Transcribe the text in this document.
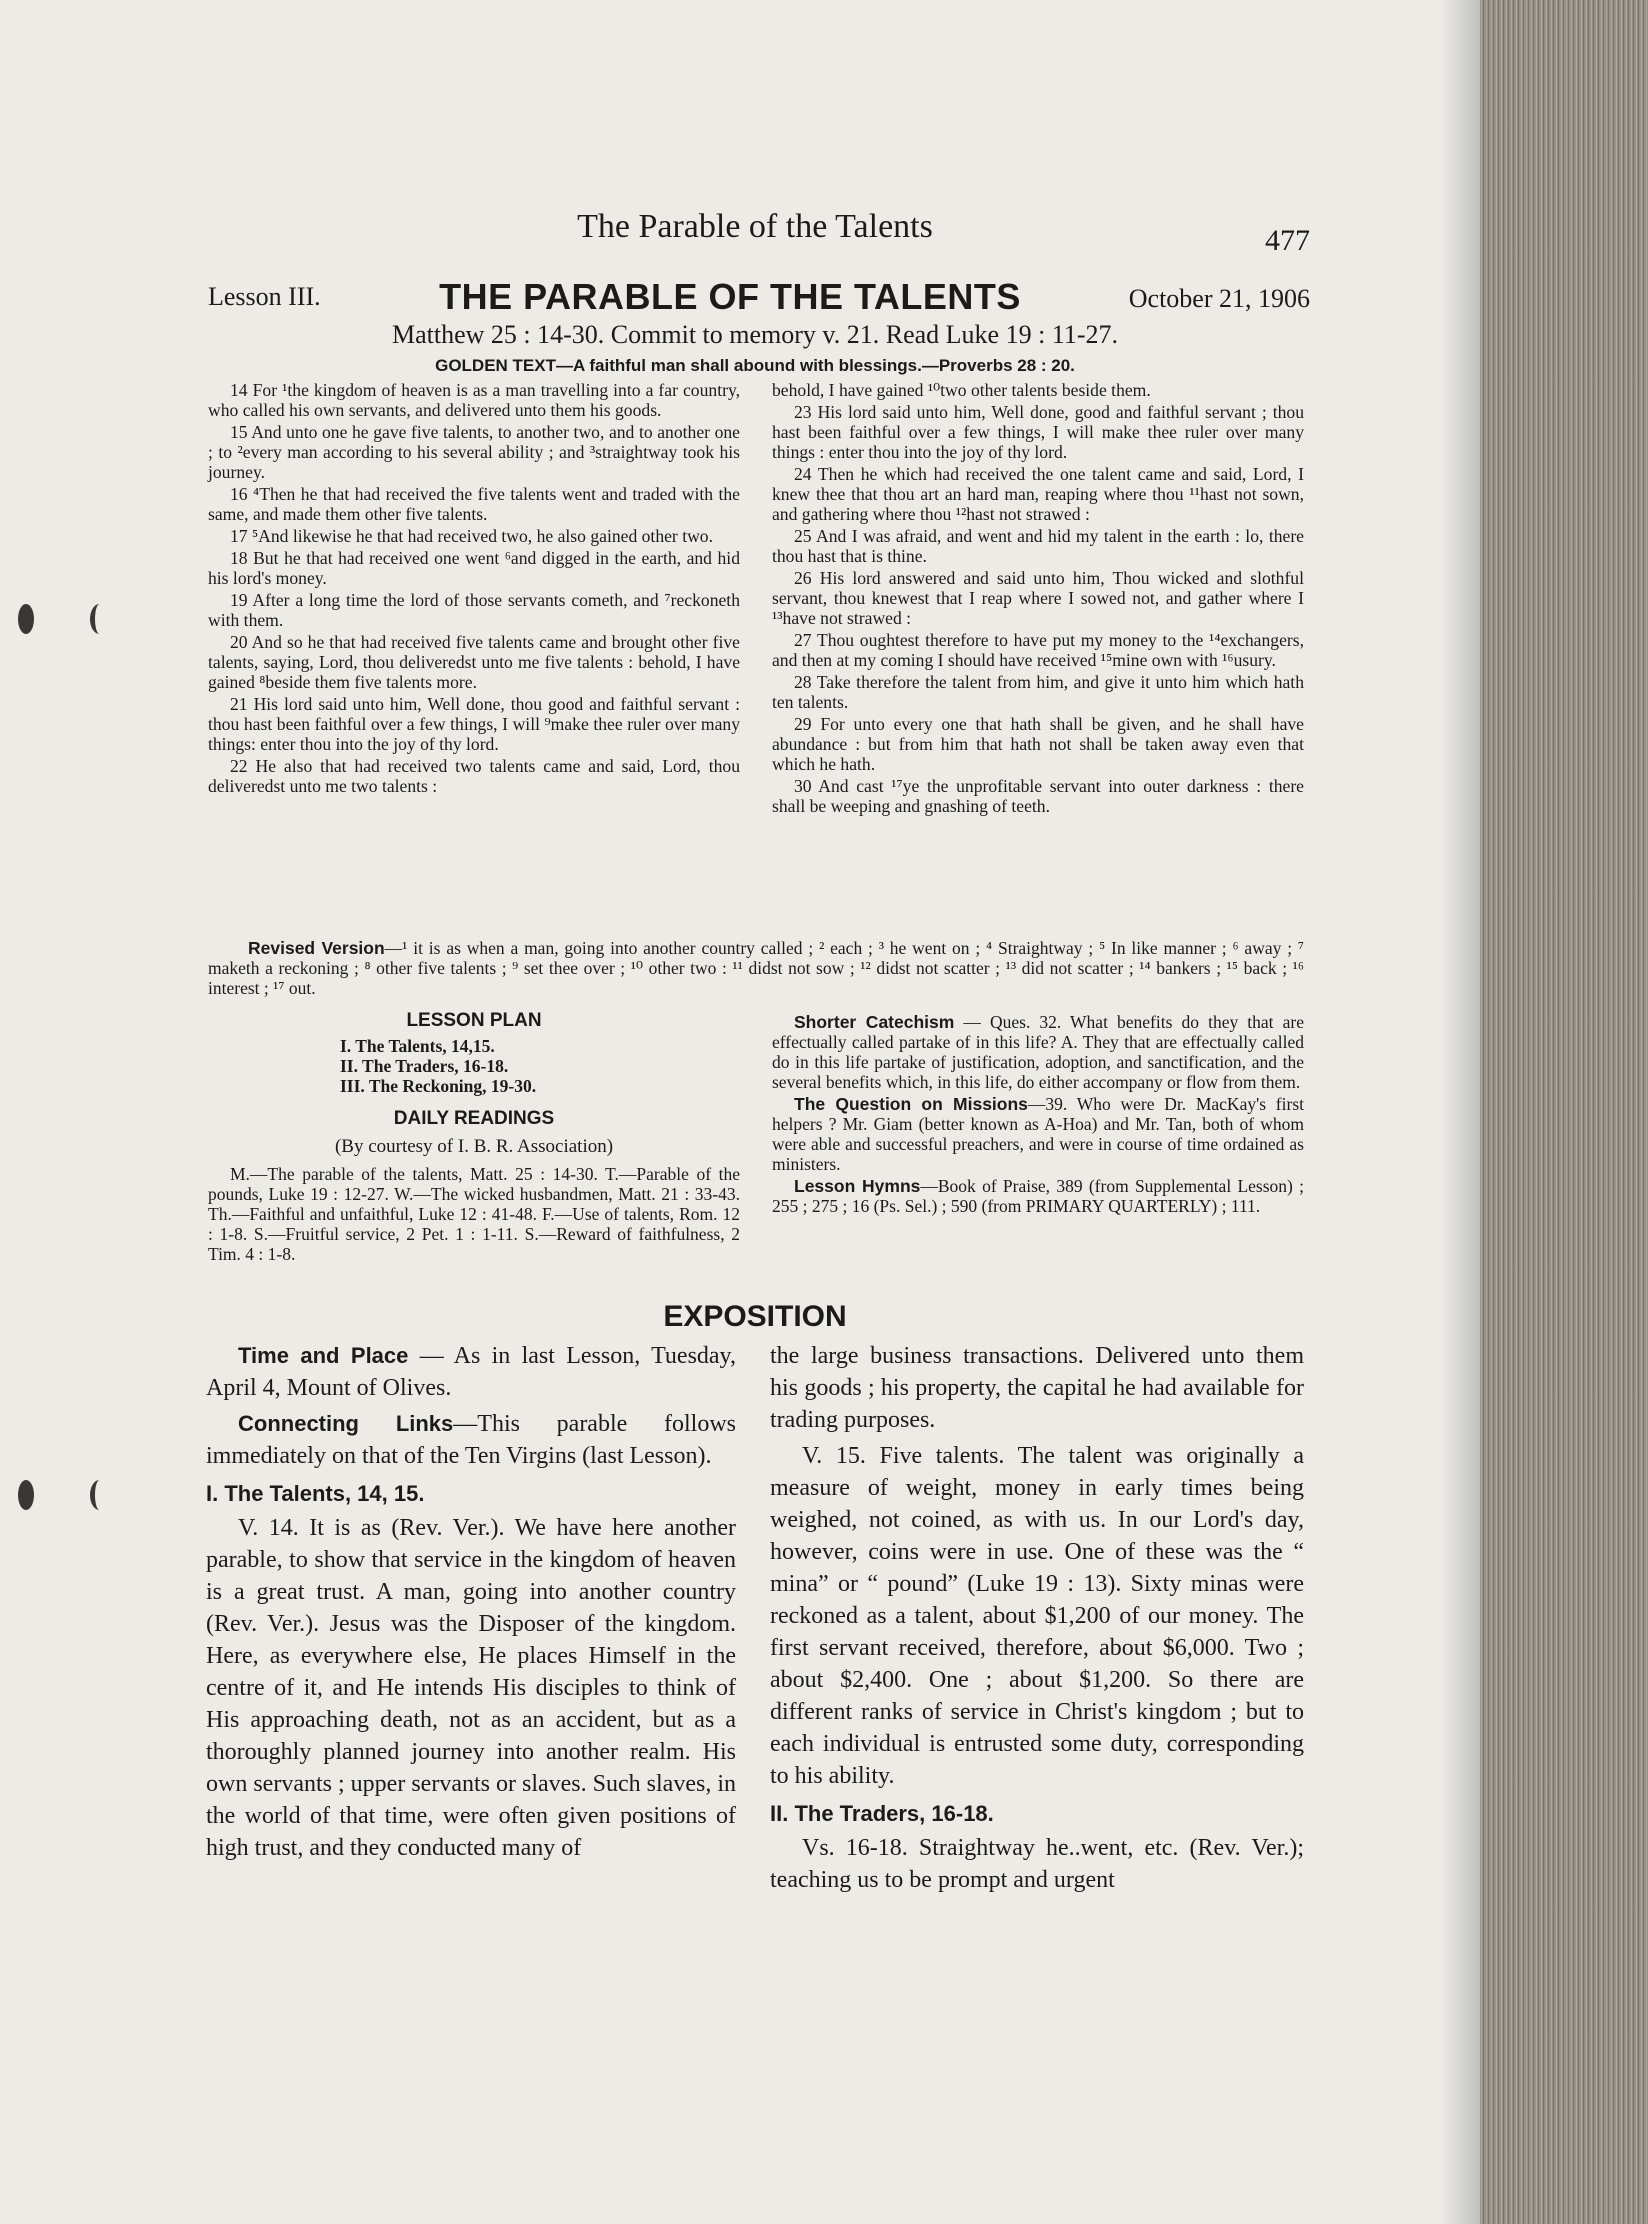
The Parable of the Talents	477
Lesson III.	THE PARABLE OF THE TALENTS	October 21, 1906
Matthew 25 : 14-30. Commit to memory v. 21. Read Luke 19 : 11-27.
GOLDEN TEXT—A faithful man shall abound with blessings.—Proverbs 28 : 20.

14 For ¹the kingdom of heaven is as a man travelling into a far country, who called his own servants, and delivered unto them his goods.

15 And unto one he gave five talents, to another two, and to another one ; to ²every man according to his several ability ; and ³straightway took his journey.

16 ⁴Then he that had received the five talents went and traded with the same, and made them other five talents.

17 ⁵And likewise he that had received two, he also gained other two.

18 But he that had received one went ⁶and digged in the earth, and hid his lord's money.

19 After a long time the lord of those servants cometh, and ⁷reckoneth with them.

20 And so he that had received five talents came and brought other five talents, saying, Lord, thou deliveredst unto me five talents : behold, I have gained ⁸beside them five talents more.

21 His lord said unto him, Well done, thou good and faithful servant : thou hast been faithful over a few things, I will ⁹make thee ruler over many things: enter thou into the joy of thy lord.

22 He also that had received two talents came and said, Lord, thou deliveredst unto me two talents :

behold, I have gained ¹⁰two other talents beside them.

23 His lord said unto him, Well done, good and faithful servant ; thou hast been faithful over a few things, I will make thee ruler over many things : enter thou into the joy of thy lord.

24 Then he which had received the one talent came and said, Lord, I knew thee that thou art an hard man, reaping where thou ¹¹hast not sown, and gathering where thou ¹²hast not strawed :

25 And I was afraid, and went and hid my talent in the earth : lo, there thou hast that is thine.

26 His lord answered and said unto him, Thou wicked and slothful servant, thou knewest that I reap where I sowed not, and gather where I ¹³have not strawed :

27 Thou oughtest therefore to have put my money to the ¹⁴exchangers, and then at my coming I should have received ¹⁵mine own with ¹⁶usury.

28 Take therefore the talent from him, and give it unto him which hath ten talents.

29 For unto every one that hath shall be given, and he shall have abundance : but from him that hath not shall be taken away even that which he hath.

30 And cast ¹⁷ye the unprofitable servant into outer darkness : there shall be weeping and gnashing of teeth.

Revised Version—¹ it is as when a man, going into another country called ; ² each ; ³ he went on ; ⁴ Straightway ; ⁵ In like manner ; ⁶ away ; ⁷ maketh a reckoning ; ⁸ other five talents ; ⁹ set thee over ; ¹⁰ other two : ¹¹ didst not sow ; ¹² didst not scatter ; ¹³ did not scatter ; ¹⁴ bankers ; ¹⁵ back ; ¹⁶ interest ; ¹⁷ out.
LESSON PLAN
I. The Talents, 14,15.
II. The Traders, 16-18.
III. The Reckoning, 19-30.
DAILY READINGS
(By courtesy of I. B. R. Association)
M.—The parable of the talents, Matt. 25 : 14-30. T.—Parable of the pounds, Luke 19 : 12-27. W.—The wicked husbandmen, Matt. 21 : 33-43. Th.—Faithful and unfaithful, Luke 12 : 41-48. F.—Use of talents, Rom. 12 : 1-8. S.—Fruitful service, 2 Pet. 1 : 1-11. S.—Reward of faithfulness, 2 Tim. 4 : 1-8.

Shorter Catechism — Ques. 32. What benefits do they that are effectually called partake of in this life? A. They that are effectually called do in this life partake of justification, adoption, and sanctification, and the several benefits which, in this life, do either accompany or flow from them.

The Question on Missions—39. Who were Dr. MacKay's first helpers ? Mr. Giam (better known as A-Hoa) and Mr. Tan, both of whom were able and successful preachers, and were in course of time ordained as ministers.

Lesson Hymns—Book of Praise, 389 (from Supplemental Lesson) ; 255 ; 275 ; 16 (Ps. Sel.) ; 590 (from PRIMARY QUARTERLY) ; 111.

EXPOSITION

Time and Place — As in last Lesson, Tuesday, April 4, Mount of Olives.

Connecting Links—This parable follows immediately on that of the Ten Virgins (last Lesson).

I. The Talents, 14, 15.

V. 14. It is as (Rev. Ver.). We have here another parable, to show that service in the kingdom of heaven is a great trust. A man, going into another country (Rev. Ver.). Jesus was the Disposer of the kingdom. Here, as everywhere else, He places Himself in the centre of it, and He intends His disciples to think of His approaching death, not as an accident, but as a thoroughly planned journey into another realm. His own servants ; upper servants or slaves. Such slaves, in the world of that time, were often given positions of high trust, and they conducted many of

the large business transactions. Delivered unto them his goods ; his property, the capital he had available for trading purposes.

V. 15. Five talents. The talent was originally a measure of weight, money in early times being weighed, not coined, as with us. In our Lord's day, however, coins were in use. One of these was the “ mina” or “ pound” (Luke 19 : 13). Sixty minas were reckoned as a talent, about $1,200 of our money. The first servant received, therefore, about $6,000. Two ; about $2,400. One ; about $1,200. So there are different ranks of service in Christ's kingdom ; but to each individual is entrusted some duty, corresponding to his ability.

II. The Traders, 16-18.

Vs. 16-18. Straightway he..went, etc. (Rev. Ver.); teaching us to be prompt and urgent
